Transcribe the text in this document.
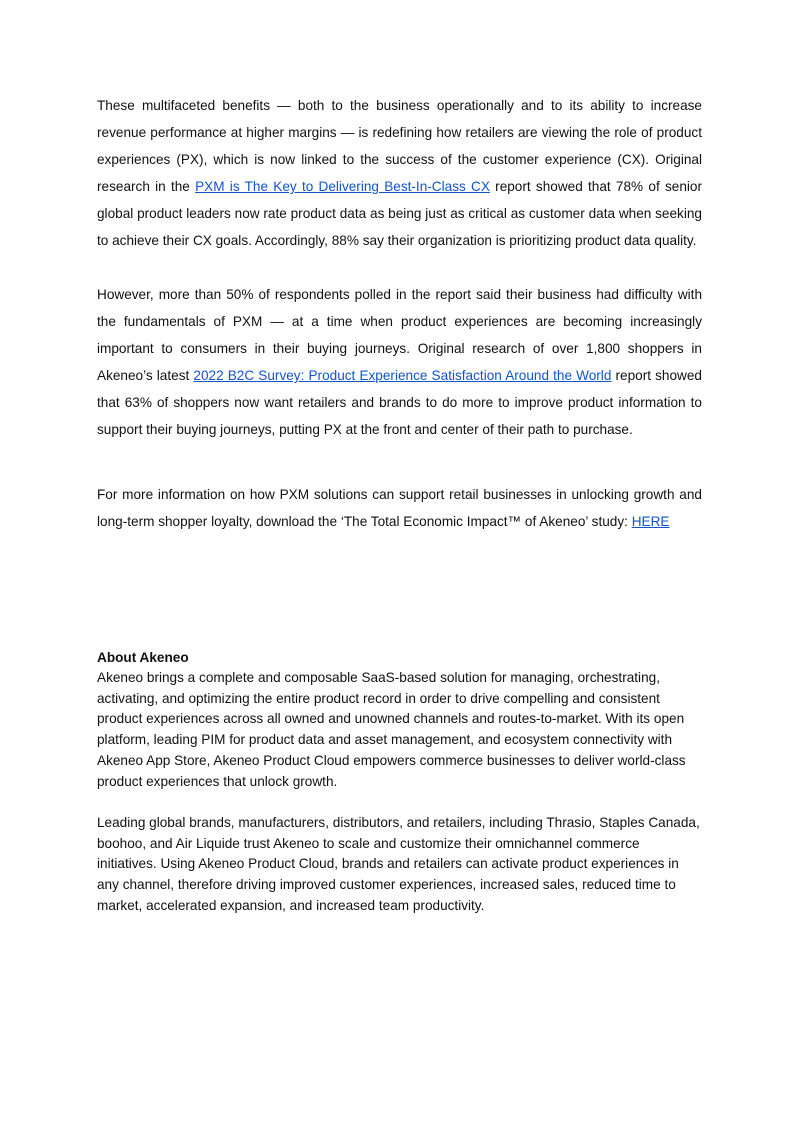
These multifaceted benefits — both to the business operationally and to its ability to increase revenue performance at higher margins — is redefining how retailers are viewing the role of product experiences (PX), which is now linked to the success of the customer experience (CX). Original research in the PXM is The Key to Delivering Best-In-Class CX report showed that 78% of senior global product leaders now rate product data as being just as critical as customer data when seeking to achieve their CX goals. Accordingly, 88% say their organization is prioritizing product data quality.

However, more than 50% of respondents polled in the report said their business had difficulty with the fundamentals of PXM — at a time when product experiences are becoming increasingly important to consumers in their buying journeys. Original research of over 1,800 shoppers in Akeneo’s latest 2022 B2C Survey: Product Experience Satisfaction Around the World report showed that 63% of shoppers now want retailers and brands to do more to improve product information to support their buying journeys, putting PX at the front and center of their path to purchase.

For more information on how PXM solutions can support retail businesses in unlocking growth and long-term shopper loyalty, download the ‘The Total Economic Impact™ of Akeneo’ study: HERE

About Akeneo

Akeneo brings a complete and composable SaaS-based solution for managing, orchestrating, activating, and optimizing the entire product record in order to drive compelling and consistent product experiences across all owned and unowned channels and routes-to-market. With its open platform, leading PIM for product data and asset management, and ecosystem connectivity with Akeneo App Store, Akeneo Product Cloud empowers commerce businesses to deliver world-class product experiences that unlock growth.

Leading global brands, manufacturers, distributors, and retailers, including Thrasio, Staples Canada, boohoo, and Air Liquide trust Akeneo to scale and customize their omnichannel commerce initiatives. Using Akeneo Product Cloud, brands and retailers can activate product experiences in any channel, therefore driving improved customer experiences, increased sales, reduced time to market, accelerated expansion, and increased team productivity.
